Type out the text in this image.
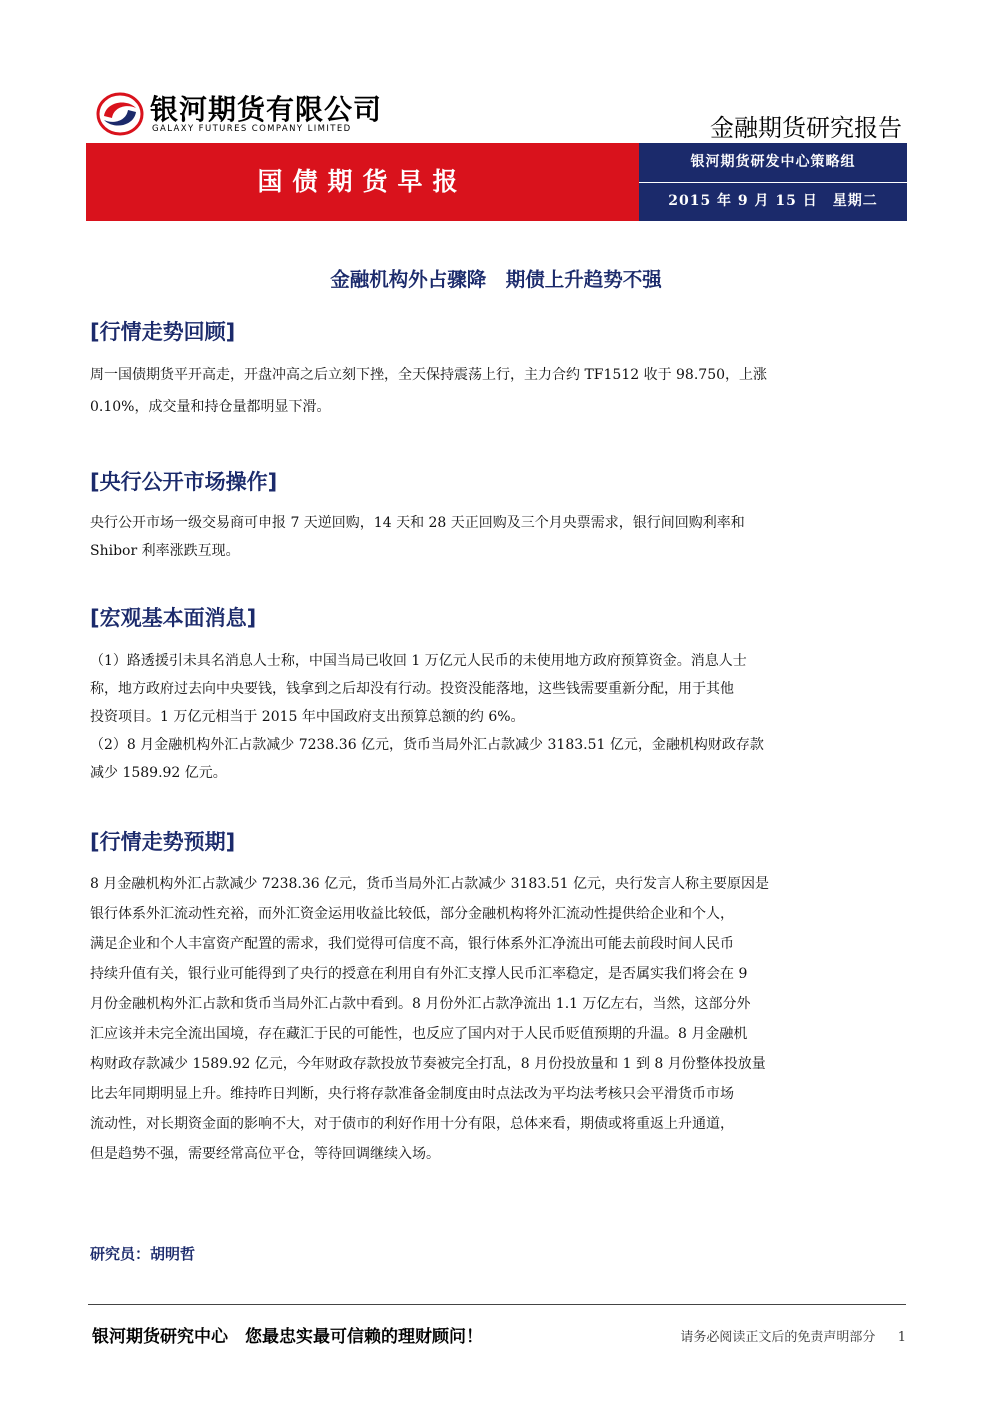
银河期货有限公司
GALAXY FUTURES COMPANY LIMITED	金融期货研究报告
国债期货早报
银河期货研发中心策略组
2015 年 9 月 15 日　星期二
金融机构外占骤降　期债上升趋势不强
[行情走势回顾]
周一国债期货平开高走，开盘冲高之后立刻下挫，全天保持震荡上行，主力合约 TF1512 收于 98.750，上涨
0.10%，成交量和持仓量都明显下滑。
[央行公开市场操作]
央行公开市场一级交易商可申报 7 天逆回购，14 天和 28 天正回购及三个月央票需求，银行间回购利率和
Shibor 利率涨跌互现。
[宏观基本面消息]
（1）路透援引未具名消息人士称，中国当局已收回 1 万亿元人民币的未使用地方政府预算资金。消息人士
称，地方政府过去向中央要钱，钱拿到之后却没有行动。投资没能落地，这些钱需要重新分配，用于其他
投资项目。1 万亿元相当于 2015 年中国政府支出预算总额的约 6%。
（2）8 月金融机构外汇占款减少 7238.36 亿元，货币当局外汇占款减少 3183.51 亿元，金融机构财政存款
减少 1589.92 亿元。
[行情走势预期]
8 月金融机构外汇占款减少 7238.36 亿元，货币当局外汇占款减少 3183.51 亿元，央行发言人称主要原因是
银行体系外汇流动性充裕，而外汇资金运用收益比较低，部分金融机构将外汇流动性提供给企业和个人，
满足企业和个人丰富资产配置的需求，我们觉得可信度不高，银行体系外汇净流出可能去前段时间人民币
持续升值有关，银行业可能得到了央行的授意在利用自有外汇支撑人民币汇率稳定，是否属实我们将会在 9
月份金融机构外汇占款和货币当局外汇占款中看到。8 月份外汇占款净流出 1.1 万亿左右，当然，这部分外
汇应该并未完全流出国境，存在藏汇于民的可能性，也反应了国内对于人民币贬值预期的升温。8 月金融机
构财政存款减少 1589.92 亿元，今年财政存款投放节奏被完全打乱，8 月份投放量和 1 到 8 月份整体投放量
比去年同期明显上升。维持昨日判断，央行将存款准备金制度由时点法改为平均法考核只会平滑货币市场
流动性，对长期资金面的影响不大，对于债市的利好作用十分有限，总体来看，期债或将重返上升通道，
但是趋势不强，需要经常高位平仓，等待回调继续入场。
研究员：胡明哲
银河期货研究中心　您最忠实最可信赖的理财顾问！	请务必阅读正文后的免责声明部分 1
